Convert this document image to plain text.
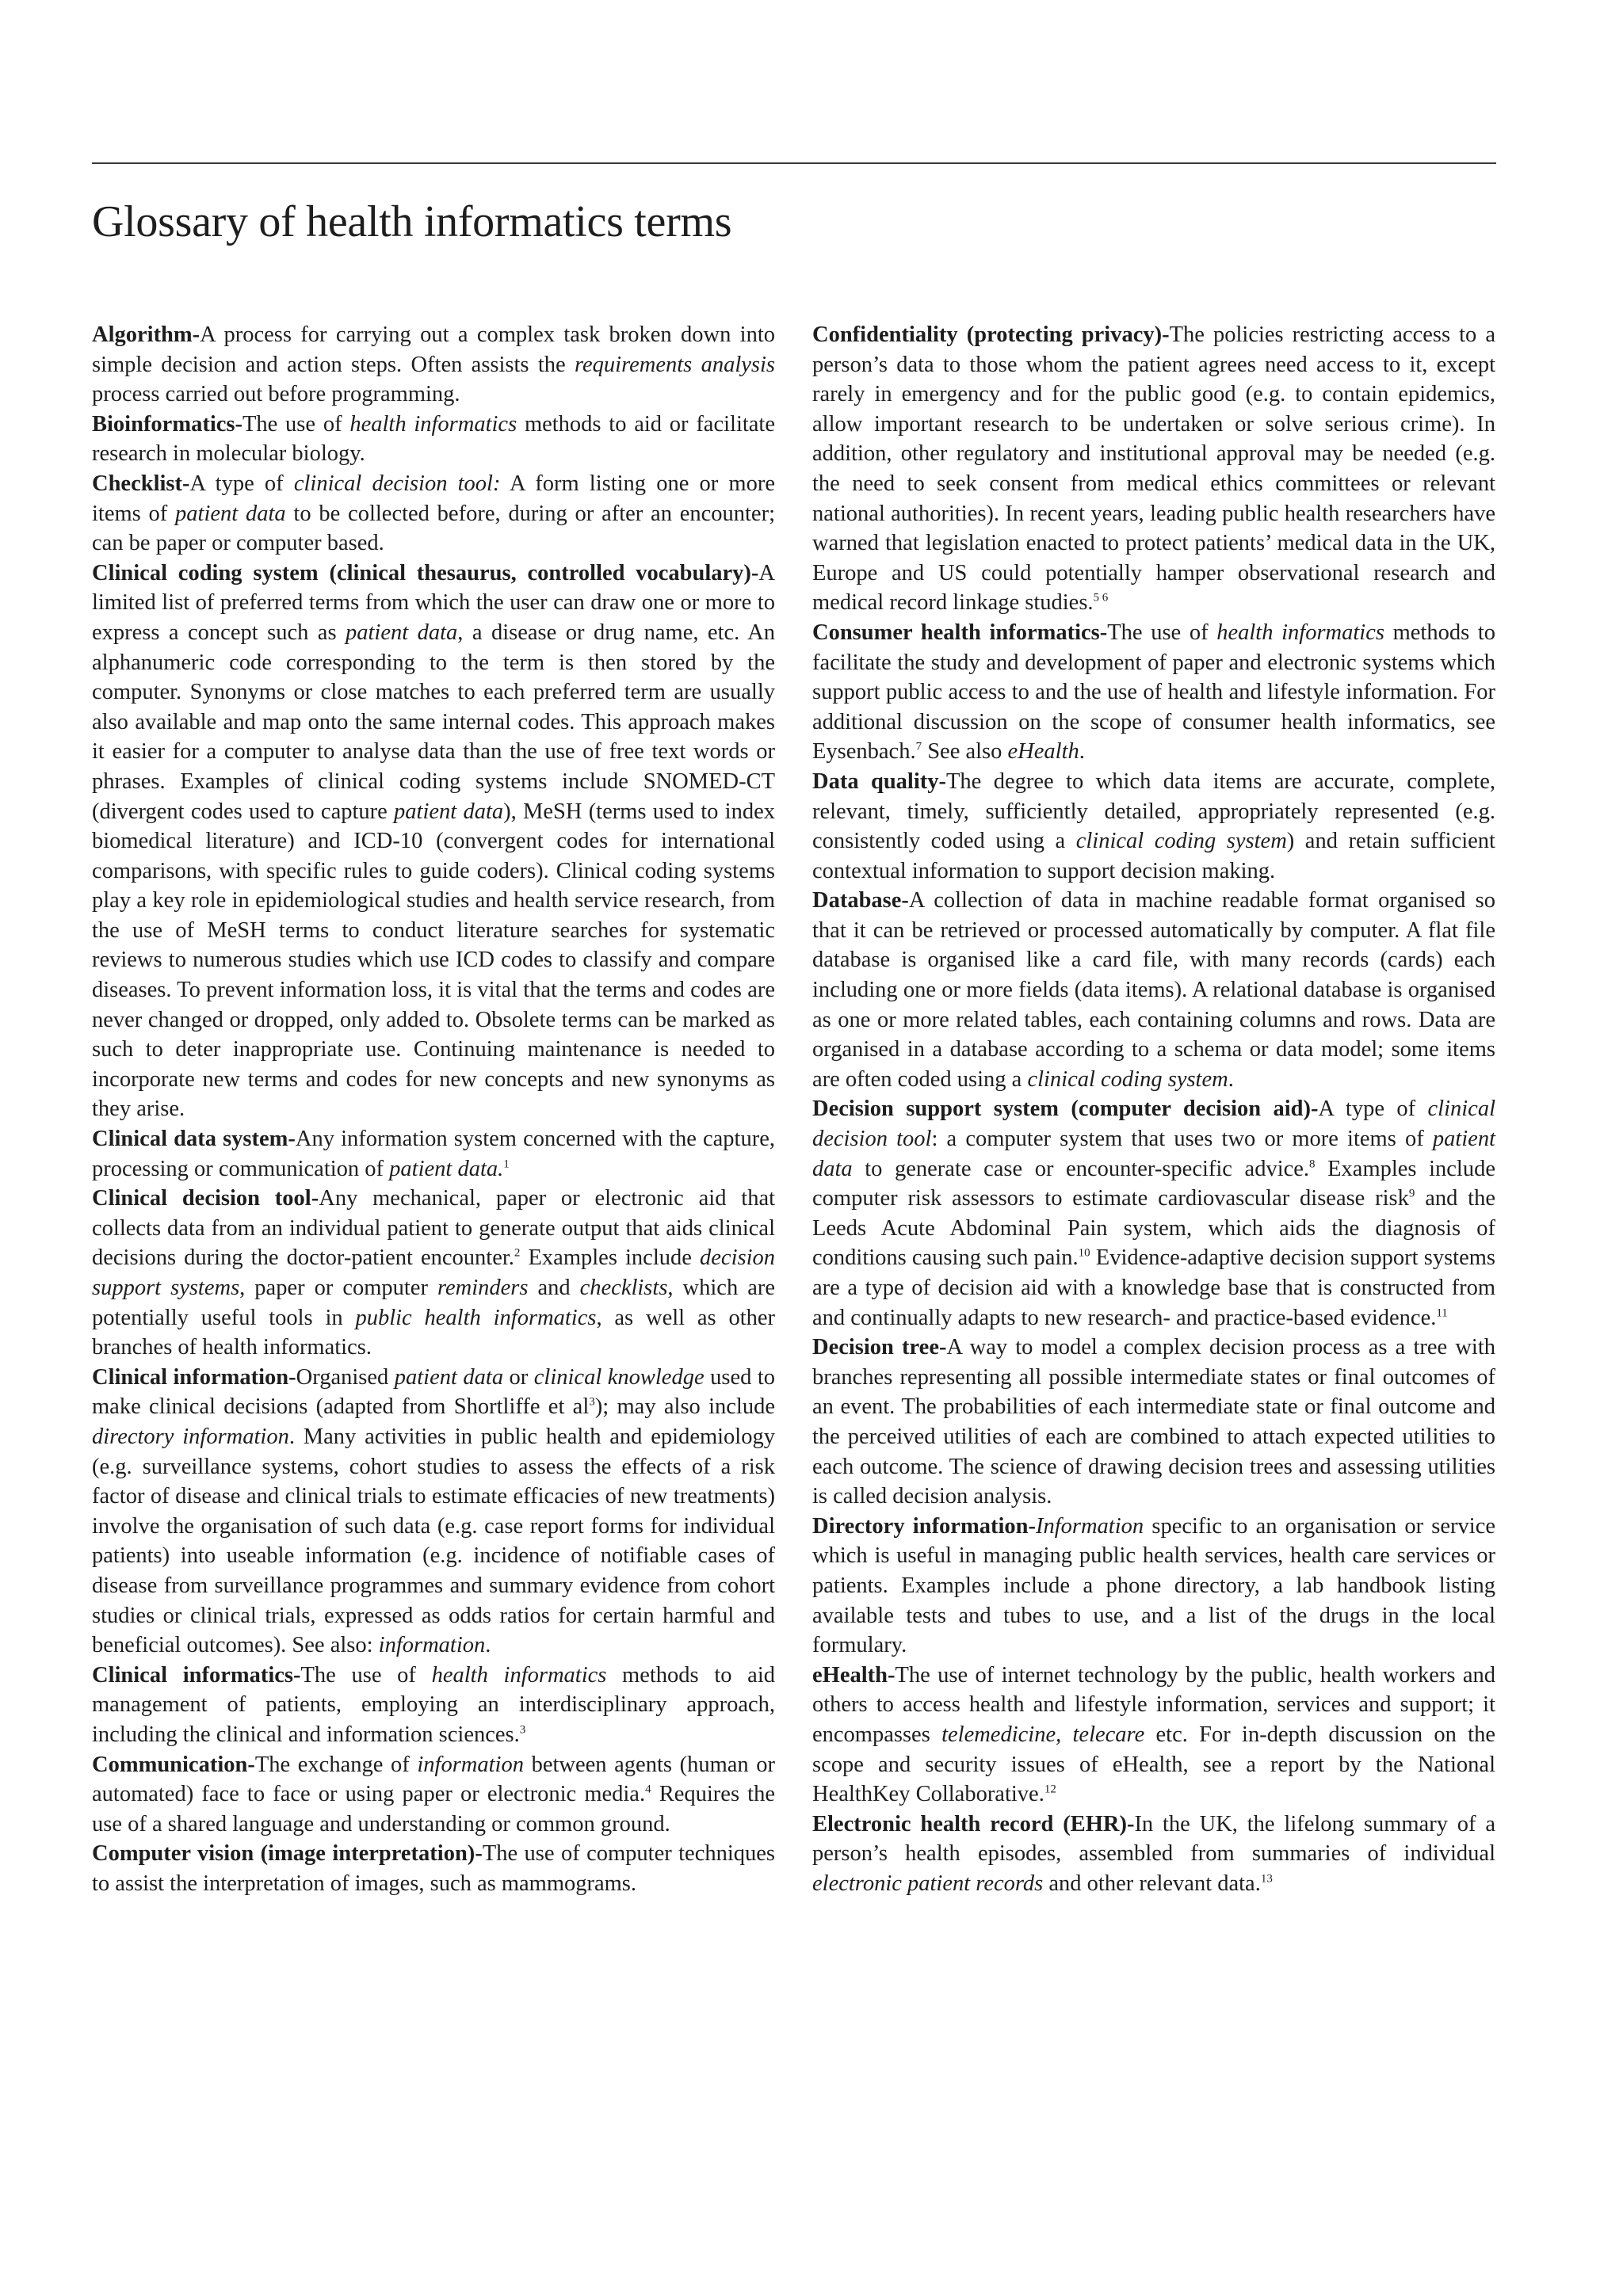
Glossary of health informatics terms

Algorithm-A process for carrying out a complex task broken down into simple decision and action steps. Often assists the requirements analysis process carried out before programming.

Bioinformatics-The use of health informatics methods to aid or facilitate research in molecular biology.

Checklist-A type of clinical decision tool: A form listing one or more items of patient data to be collected before, during or after an encounter; can be paper or computer based.

Clinical coding system (clinical thesaurus, controlled vocabulary)-A limited list of preferred terms from which the user can draw one or more to express a concept such as patient data, a disease or drug name, etc. An alphanumeric code corresponding to the term is then stored by the computer. Synonyms or close matches to each preferred term are usually also available and map onto the same internal codes. This approach makes it easier for a computer to analyse data than the use of free text words or phrases. Examples of clinical coding systems include SNOMED-CT (divergent codes used to capture patient data), MeSH (terms used to index biomedical literature) and ICD-10 (convergent codes for international comparisons, with specific rules to guide coders). Clinical coding systems play a key role in epidemiological studies and health service research, from the use of MeSH terms to conduct literature searches for systematic reviews to numerous studies which use ICD codes to classify and compare diseases. To prevent information loss, it is vital that the terms and codes are never changed or dropped, only added to. Obsolete terms can be marked as such to deter inappropriate use. Continuing maintenance is needed to incorporate new terms and codes for new concepts and new synonyms as they arise.

Clinical data system-Any information system concerned with the capture, processing or communication of patient data.$^1$

Clinical decision tool-Any mechanical, paper or electronic aid that collects data from an individual patient to generate output that aids clinical decisions during the doctor-patient encounter.$^2$ Examples include decision support systems, paper or computer reminders and checklists, which are potentially useful tools in public health informatics, as well as other branches of health informatics.

Clinical information-Organised patient data or clinical knowledge used to make clinical decisions (adapted from Shortliffe et $al^3$); may also include directory information. Many activities in public health and epidemiology (e.g. surveillance systems, cohort studies to assess the effects of a risk factor of disease and clinical trials to estimate efficacies of new treatments) involve the organisation of such data (e.g. case report forms for individual patients) into useable information (e.g. incidence of notifiable cases of disease from surveillance programmes and summary evidence from cohort studies or clinical trials, expressed as odds ratios for certain harmful and beneficial outcomes). See also: information.

Clinical informatics-The use of health informatics methods to aid management of patients, employing an interdisciplinary approach, including the clinical and information sciences.$^3$

Communication-The exchange of information between agents (human or automated) face to face or using paper or electronic media.$^4$ Requires the use of a shared language and understanding or common ground.

Computer vision (image interpretation)-The use of computer techniques to assist the interpretation of images, such as mammograms.

Confidentiality (protecting privacy)-The policies restricting access to a person’s data to those whom the patient agrees need access to it, except rarely in emergency and for the public good (e.g. to contain epidemics, allow important research to be undertaken or solve serious crime). In addition, other regulatory and institutional approval may be needed (e.g. the need to seek consent from medical ethics committees or relevant national authorities). In recent years, leading public health researchers have warned that legislation enacted to protect patients’ medical data in the UK, Europe and US could potentially hamper observational research and medical record linkage studies.$^{5 6}$

Consumer health informatics-The use of health informatics methods to facilitate the study and development of paper and electronic systems which support public access to and the use of health and lifestyle information. For additional discussion on the scope of consumer health informatics, see Eysenbach.$^7$ See also eHealth.

Data quality-The degree to which data items are accurate, complete, relevant, timely, sufficiently detailed, appropriately represented (e.g. consistently coded using a clinical coding system) and retain sufficient contextual information to support decision making.

Database-A collection of data in machine readable format organised so that it can be retrieved or processed automatically by computer. A flat file database is organised like a card file, with many records (cards) each including one or more fields (data items). A relational database is organised as one or more related tables, each containing columns and rows. Data are organised in a database according to a schema or data model; some items are often coded using a clinical coding system.

Decision support system (computer decision aid)-A type of clinical decision tool: a computer system that uses two or more items of patient data to generate case or encounter-specific advice.$^8$ Examples include computer risk assessors to estimate cardiovascular disease risk$^9$ and the Leeds Acute Abdominal Pain system, which aids the diagnosis of conditions causing such pain.$^{10}$ Evidence-adaptive decision support systems are a type of decision aid with a knowledge base that is constructed from and continually adapts to new research- and practice-based evidence.$^{11}$

Decision tree-A way to model a complex decision process as a tree with branches representing all possible intermediate states or final outcomes of an event. The probabilities of each intermediate state or final outcome and the perceived utilities of each are combined to attach expected utilities to each outcome. The science of drawing decision trees and assessing utilities is called decision analysis.

Directory information-Information specific to an organisation or service which is useful in managing public health services, health care services or patients. Examples include a phone directory, a lab handbook listing available tests and tubes to use, and a list of the drugs in the local formulary.

eHealth-The use of internet technology by the public, health workers and others to access health and lifestyle information, services and support; it encompasses telemedicine, telecare etc. For in-depth discussion on the scope and security issues of eHealth, see a report by the National HealthKey Collaborative.$^{12}$

Electronic health record (EHR)-In the UK, the lifelong summary of a person’s health episodes, assembled from summaries of individual electronic patient records and other relevant data.$^{13}$
